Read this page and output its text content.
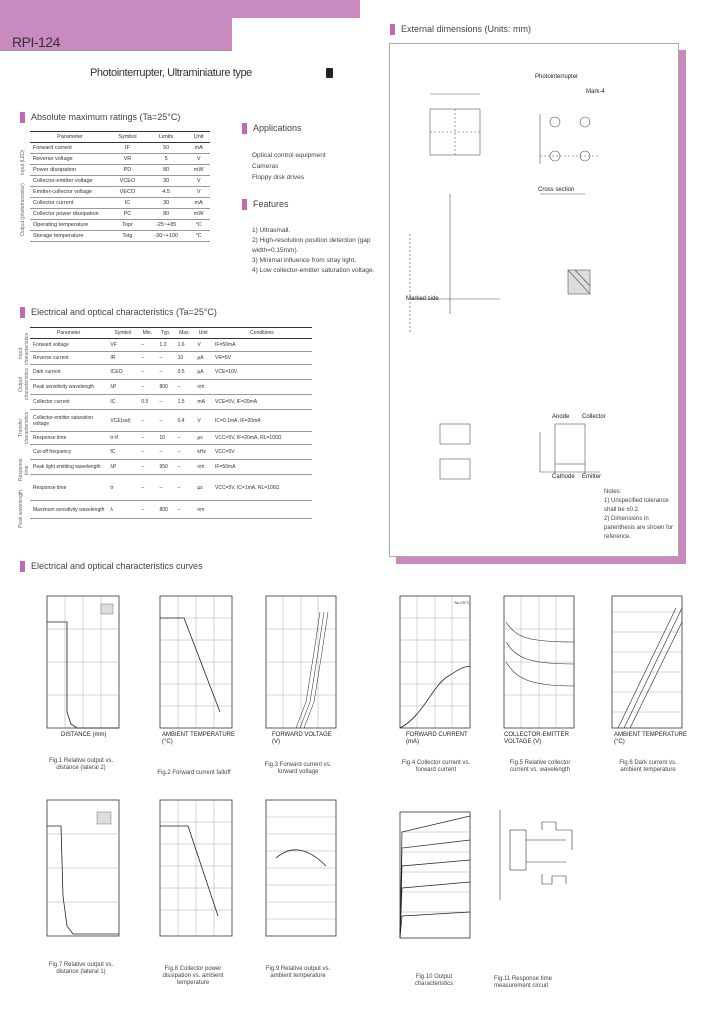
RPI-124
Photointerrupter, Ultraminiature type
Absolute maximum ratings (Ta=25°C)
Input (LED)
Output (phototransistor)
Parameter	Symbol	Limits	Unit
Forward current	IF	50	mA
Reverse voltage	VR	5	V
Power dissipation	PD	80	mW
Collector-emitter voltage	VCEO	30	V
Emitter-collector voltage	VECO	4.5	V
Collector current	IC	30	mA
Collector power dissipation	PC	80	mW
Operating temperature	Topr	-25~+85	°C
Storage temperature	Tstg	-30~+100	°C
Applications
Optical control equipment
Cameras
Floppy disk drives
Features
1) Ultrasmall.
2) High-resolution position detection (gap width=0.15mm).
3) Minimal influence from stray light.
4) Low collector-emitter saturation voltage.
Electrical and optical characteristics (Ta=25°C)
Input characteristics
Output characteristics
Transfer characteristics
Response time
Peak wavelength
Parameter	Symbol	Min.	Typ.	Max.	Unit	Conditions
Forward voltage	VF	–	1.3	1.6	V	IF=50mA
Reverse current	IR	–	–	10	µA	VR=5V
Dark current	ICEO	–	–	0.5	µA	VCE=10V
Peak sensitivity wavelength	λP	–	800	–	nm	
Collector current	IC	0.5	–	1.5	mA	VCE=5V, IF=20mA
Collector-emitter saturation voltage	VCE(sat)	–	–	0.4	V	IC=0.1mA, IF=20mA
Response time	tr·tf	–	10	–	µs	VCC=5V, IF=20mA, RL=100Ω
Cut-off frequency	fC	–	–	–	kHz	VCC=5V
Peak light emitting wavelength	λP	–	950	–	nm	IF=50mA
Response time	tr	–	–	–	µs	VCC=5V, IC=1mA, RL=100Ω
Maximum sensitivity wavelength	λ	–	800	–	nm	
External dimensions (Units: mm)
Photointerrupter
Cross section
Marked side
Mark-4
Anode Collector
Cathode Emitter
Notes:
1) Unspecified tolerance shall be ±0.2.
2) Dimensions in parenthesis are shown for reference.
Electrical and optical characteristics curves
DISTANCE (mm)
Fig.1 Relative output vs. distance (lateral 2)
AMBIENT TEMPERATURE (°C)
Fig.2 Forward current falloff
FORWARD VOLTAGE (V)
Fig.3 Forward current vs. forward voltage
Ta=25°C
FORWARD CURRENT (mA)
Fig.4 Collector current vs. forward current
COLLECTOR-EMITTER VOLTAGE (V)
Fig.5 Relative collector current vs. wavelength
AMBIENT TEMPERATURE (°C)
Fig.6 Dark current vs. ambient temperature
Fig.7 Relative output vs. distance (lateral 1)	Fig.8 Collector power dissipation vs. ambient temperature
Fig.9 Relative output vs. ambient temperature	Fig.10 Output characteristics
Fig.11 Response time measurement circuit
